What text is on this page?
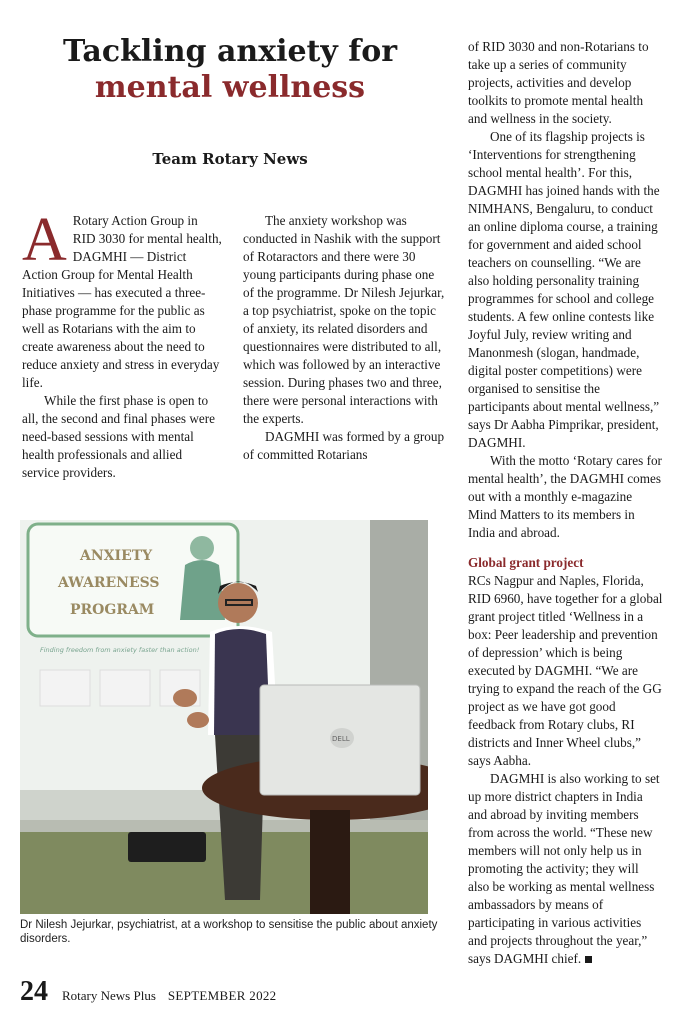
Tackling anxiety for
mental wellness
Team Rotary News

A Rotary Action Group in RID 3030 for mental health, DAGMHI — District Action Group for Mental Health Initiatives — has executed a three-phase programme for the public as well as Rotarians with the aim to create awareness about the need to reduce anxiety and stress in everyday life.

While the first phase is open to all, the second and final phases were need-based sessions with mental health professionals and allied service providers.

The anxiety workshop was conducted in Nashik with the support of Rotaractors and there were 30 young participants during phase one of the programme. Dr Nilesh Jejurkar, a top psychiatrist, spoke on the topic of anxiety, its related disorders and questionnaires were distributed to all, which was followed by an interactive session. During phases two and three, there were personal interactions with the experts.

DAGMHI was formed by a group of committed Rotarians

of RID 3030 and non-Rotarians to take up a series of community projects, activities and develop toolkits to promote mental health and wellness in the society.

One of its flagship projects is ‘Interventions for strengthening school mental health’. For this, DAGMHI has joined hands with the NIMHANS, Bengaluru, to conduct an online diploma course, a training for government and aided school teachers on counselling. “We are also holding personality training programmes for school and college students. A few online contests like Joyful July, review writing and Manonmesh (slogan, handmade, digital poster competitions) were organised to sensitise the participants about mental wellness,” says Dr Aabha Pimprikar, president, DAGMHI.

With the motto ‘Rotary cares for mental health’, the DAGMHI comes out with a monthly e-magazine Mind Matters to its members in India and abroad.

Global grant project

RCs Nagpur and Naples, Florida, RID 6960, have together for a global grant project titled ‘Wellness in a box: Peer leadership and prevention of depression’ which is being executed by DAGMHI. “We are trying to expand the reach of the GG project as we have got good feedback from Rotary clubs, RI districts and Inner Wheel clubs,” says Aabha.

DAGMHI is also working to set up more district chapters in India and abroad by inviting members from across the world. “These new members will not only help us in promoting the activity; they will also be working as mental wellness ambassadors by means of participating in various activities and projects throughout the year,” says DAGMHI chief.

ANXIETY AWARENESS PROGRAM
Finding freedom from anxiety faster than action!
DELL
Dr Nilesh Jejurkar, psychiatrist, at a workshop to sensitise the public about anxiety disorders.
24 Rotary News Plus SEPTEMBER 2022
